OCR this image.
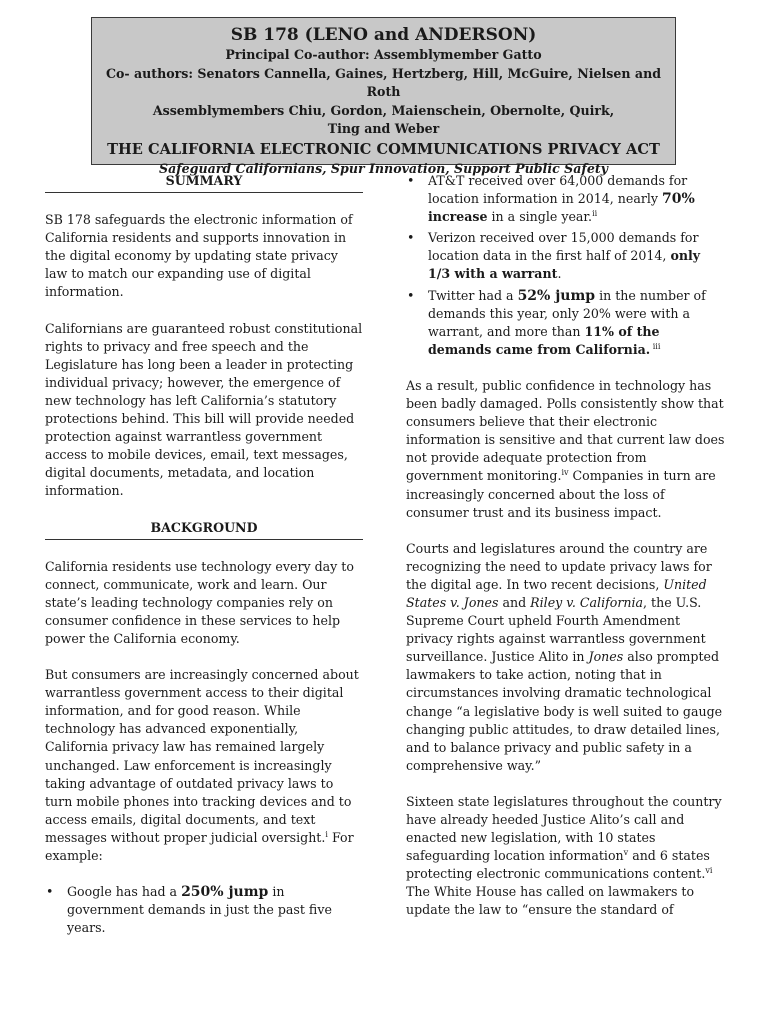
SB 178 (LENO and ANDERSON)
Principal Co-author: Assemblymember Gatto
Co- authors: Senators Cannella, Gaines, Hertzberg, Hill, McGuire, Nielsen and Roth
Assemblymembers Chiu, Gordon, Maienschein, Obernolte, Quirk,
Ting and Weber
THE CALIFORNIA ELECTRONIC COMMUNICATIONS PRIVACY ACT
Safeguard Californians, Spur Innovation, Support Public Safety
SUMMARY

SB 178 safeguards the electronic information of California residents and supports innovation in the digital economy by updating state privacy law to match our expanding use of digital information.

Californians are guaranteed robust constitutional rights to privacy and free speech and the Legislature has long been a leader in protecting individual privacy; however, the emergence of new technology has left California’s statutory protections behind. This bill will provide needed protection against warrantless government access to mobile devices, email, text messages, digital documents, metadata, and location information.

BACKGROUND

California residents use technology every day to connect, communicate, work and learn. Our state’s leading technology companies rely on consumer confidence in these services to help power the California economy.

But consumers are increasingly concerned about warrantless government access to their digital information, and for good reason. While technology has advanced exponentially, California privacy law has remained largely unchanged. Law enforcement is increasingly taking advantage of outdated privacy laws to turn mobile phones into tracking devices and to access emails, digital documents, and text messages without proper judicial oversight.$^i$ For example:

• Google has had a 250% jump in government demands in just the past five years.
• AT&T received over 64,000 demands for location information in 2014, nearly 70% increase in a single year.$^{ii}$
• Verizon received over 15,000 demands for location data in the first half of 2014, only 1/3 with a warrant.
• Twitter had a 52% jump in the number of demands this year, only 20% were with a warrant, and more than 11% of the demands came from California. $^{iii}$

As a result, public confidence in technology has been badly damaged. Polls consistently show that consumers believe that their electronic information is sensitive and that current law does not provide adequate protection from government monitoring.$^{iv}$ Companies in turn are increasingly concerned about the loss of consumer trust and its business impact.

Courts and legislatures around the country are recognizing the need to update privacy laws for the digital age. In two recent decisions, United States v. Jones and Riley v. California, the U.S. Supreme Court upheld Fourth Amendment privacy rights against warrantless government surveillance. Justice Alito in Jones also prompted lawmakers to take action, noting that in circumstances involving dramatic technological change “a legislative body is well suited to gauge changing public attitudes, to draw detailed lines, and to balance privacy and public safety in a comprehensive way.”

Sixteen state legislatures throughout the country have already heeded Justice Alito’s call and enacted new legislation, with 10 states safeguarding location information$^v$ and 6 states protecting electronic communications content.$^{vi}$ The White House has called on lawmakers to update the law to “ensure the standard of
